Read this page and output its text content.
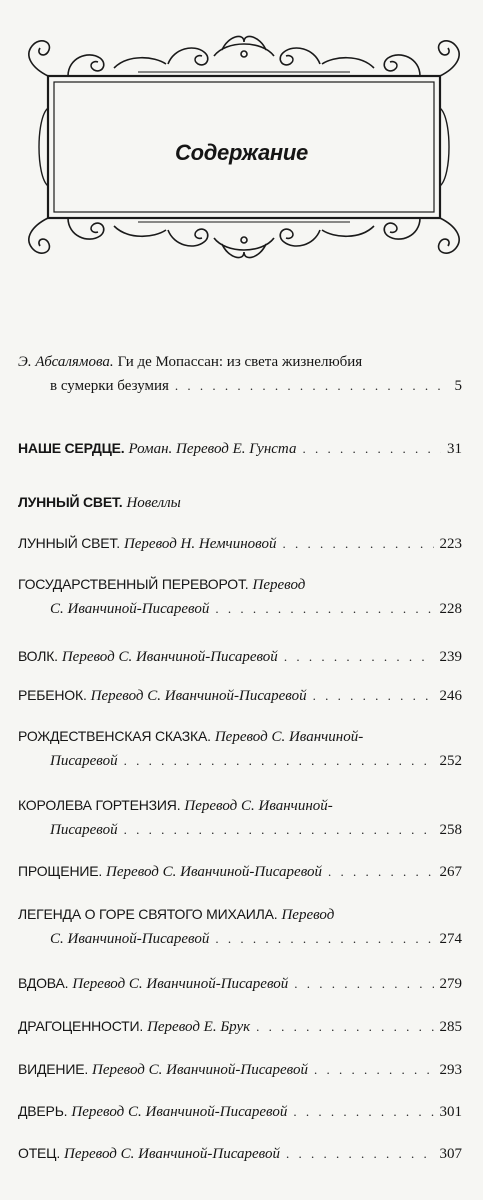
Содержание
Э. Абсалямова. Ги де Мопассан: из света жизнелюбия
в сумерки безумия . . .	5
НАШЕ СЕРДЦЕ. Роман. Перевод Е. Гунста . . .	31
ЛУННЫЙ СВЕТ. Новеллы
ЛУННЫЙ СВЕТ. Перевод Н. Немчиновой . . .	223
ГОСУДАРСТВЕННЫЙ ПЕРЕВОРОТ. Перевод
С. Иванчиной-Писаревой . . .	228
ВОЛК. Перевод С. Иванчиной-Писаревой . . .	239
РЕБЕНОК. Перевод С. Иванчиной-Писаревой . . .	246
РОЖДЕСТВЕНСКАЯ СКАЗКА. Перевод С. Иванчиной-
Писаревой . . .	252
КОРОЛЕВА ГОРТЕНЗИЯ. Перевод С. Иванчиной-
Писаревой . . .	258
ПРОЩЕНИЕ. Перевод С. Иванчиной-Писаревой . . .	267
ЛЕГЕНДА О ГОРЕ СВЯТОГО МИХАИЛА. Перевод
С. Иванчиной-Писаревой . . .	274
ВДОВА. Перевод С. Иванчиной-Писаревой . . .	279
ДРАГОЦЕННОСТИ. Перевод Е. Брук . . .	285
ВИДЕНИЕ. Перевод С. Иванчиной-Писаревой . . .	293
ДВЕРЬ. Перевод С. Иванчиной-Писаревой . . .	301
ОТЕЦ. Перевод С. Иванчиной-Писаревой . . .	307
